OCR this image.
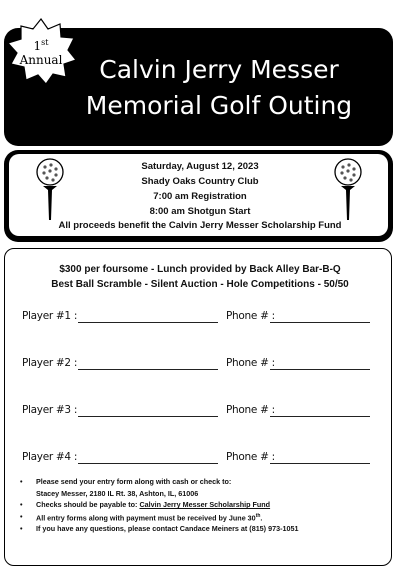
Calvin Jerry Messer
Memorial Golf Outing
1st
Annual
Saturday, August 12, 2023
Shady Oaks Country Club
7:00 am Registration
8:00 am Shotgun Start
All proceeds benefit the Calvin Jerry Messer Scholarship Fund
$300 per foursome - Lunch provided by Back Alley Bar-B-Q
Best Ball Scramble - Silent Auction - Hole Competitions - 50/50
Player #1 :	Phone # :
Player #2 :	Phone # :
Player #3 :	Phone # :
Player #4 :	Phone # :
• Please send your entry form along with cash or check to:
Stacey Messer, 2180 IL Rt. 38, Ashton, IL, 61006
• Checks should be payable to: Calvin Jerry Messer Scholarship Fund
• All entry forms along with payment must be received by June 30th.
• If you have any questions, please contact Candace Meiners at (815) 973-1051
